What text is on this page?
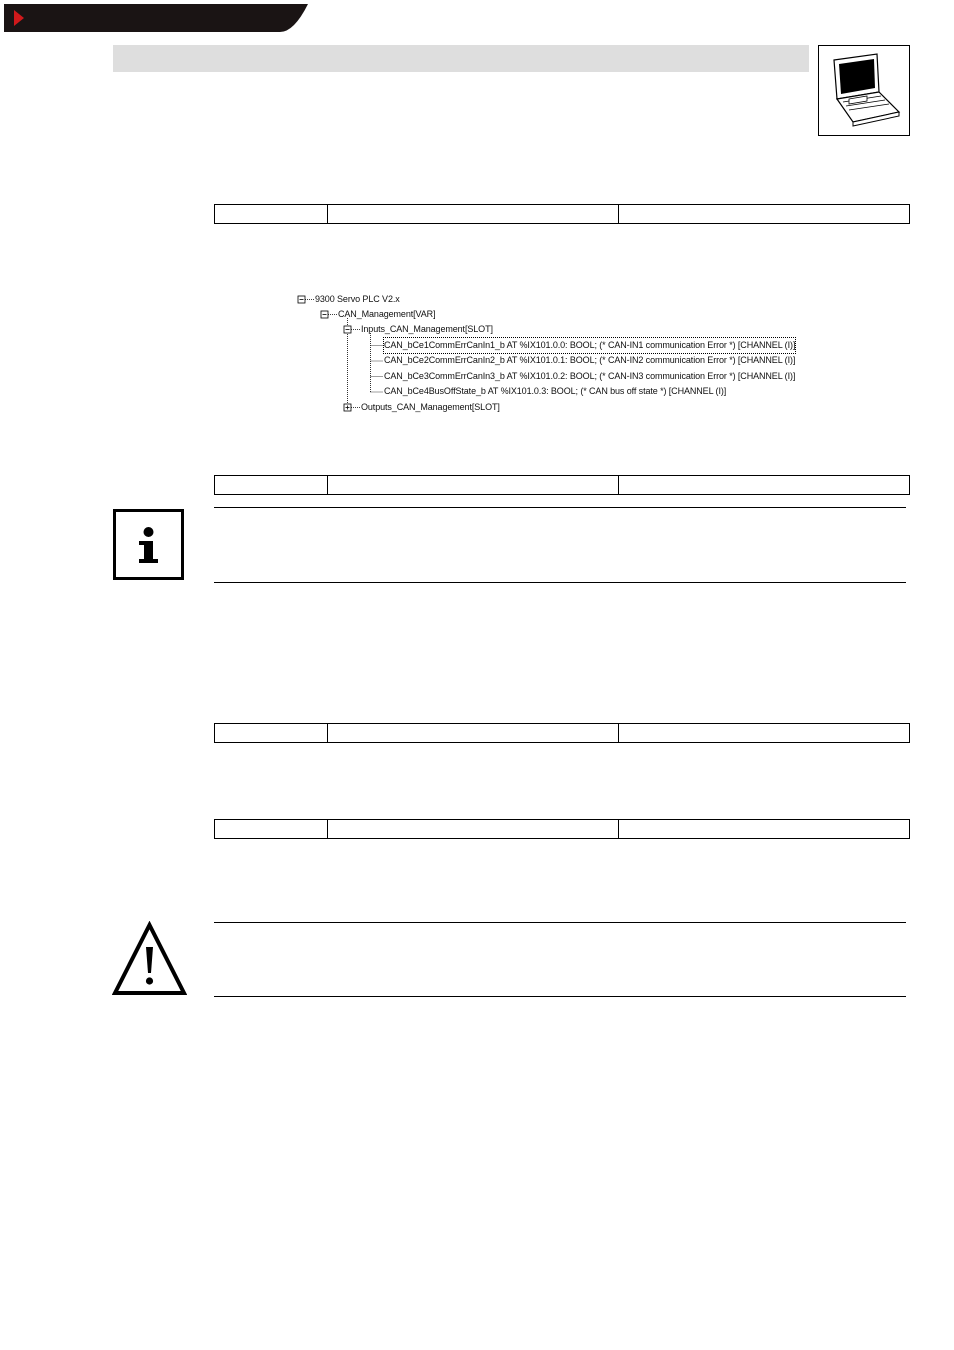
9300 Servo PLC V2.x
CAN_Management[VAR]
Inputs_CAN_Management[SLOT]
CAN_bCe1CommErrCanIn1_b AT %IX101.0.0: BOOL; (* CAN-IN1 communication Error *) [CHANNEL (I)]
CAN_bCe2CommErrCanIn2_b AT %IX101.0.1: BOOL; (* CAN-IN2 communication Error *) [CHANNEL (I)]
CAN_bCe3CommErrCanIn3_b AT %IX101.0.2: BOOL; (* CAN-IN3 communication Error *) [CHANNEL (I)]
CAN_bCe4BusOffState_b AT %IX101.0.3: BOOL; (* CAN bus off state *) [CHANNEL (I)]
Outputs_CAN_Management[SLOT]
